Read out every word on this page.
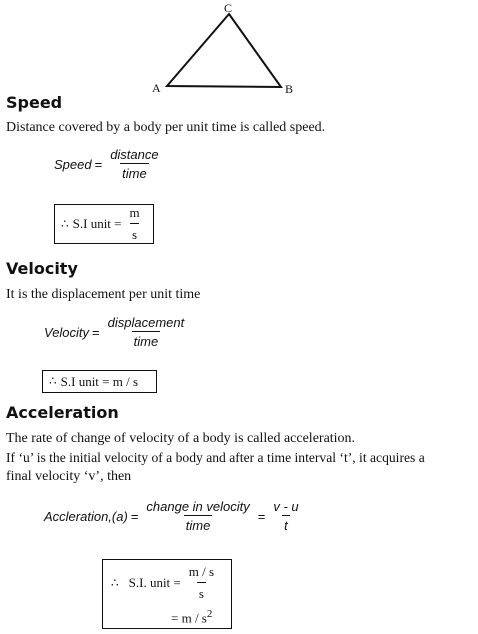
C
A	B
Speed
Distance covered by a body per unit time is called speed.
Speed = $\frac{\text{distance}}{\text{time}}$
∴ S.I unit = $\frac{m}{s}$
Velocity
It is the displacement per unit time
Velocity = $\frac{\text{displacement}}{\text{time}}$
∴ S.I unit = m / s
Acceleration
The rate of change of velocity of a body is called acceleration.
If ‘u’ is the initial velocity of a body and after a time interval ‘t’, it acquires a
final velocity ‘v’, then
Accleration,(a) = $\frac{\text{change in velocity}}{\text{time}} = \frac{v - u}{t}$
∴ S.I. unit = $\frac{m / s}{s}$
= m / $s^2$
